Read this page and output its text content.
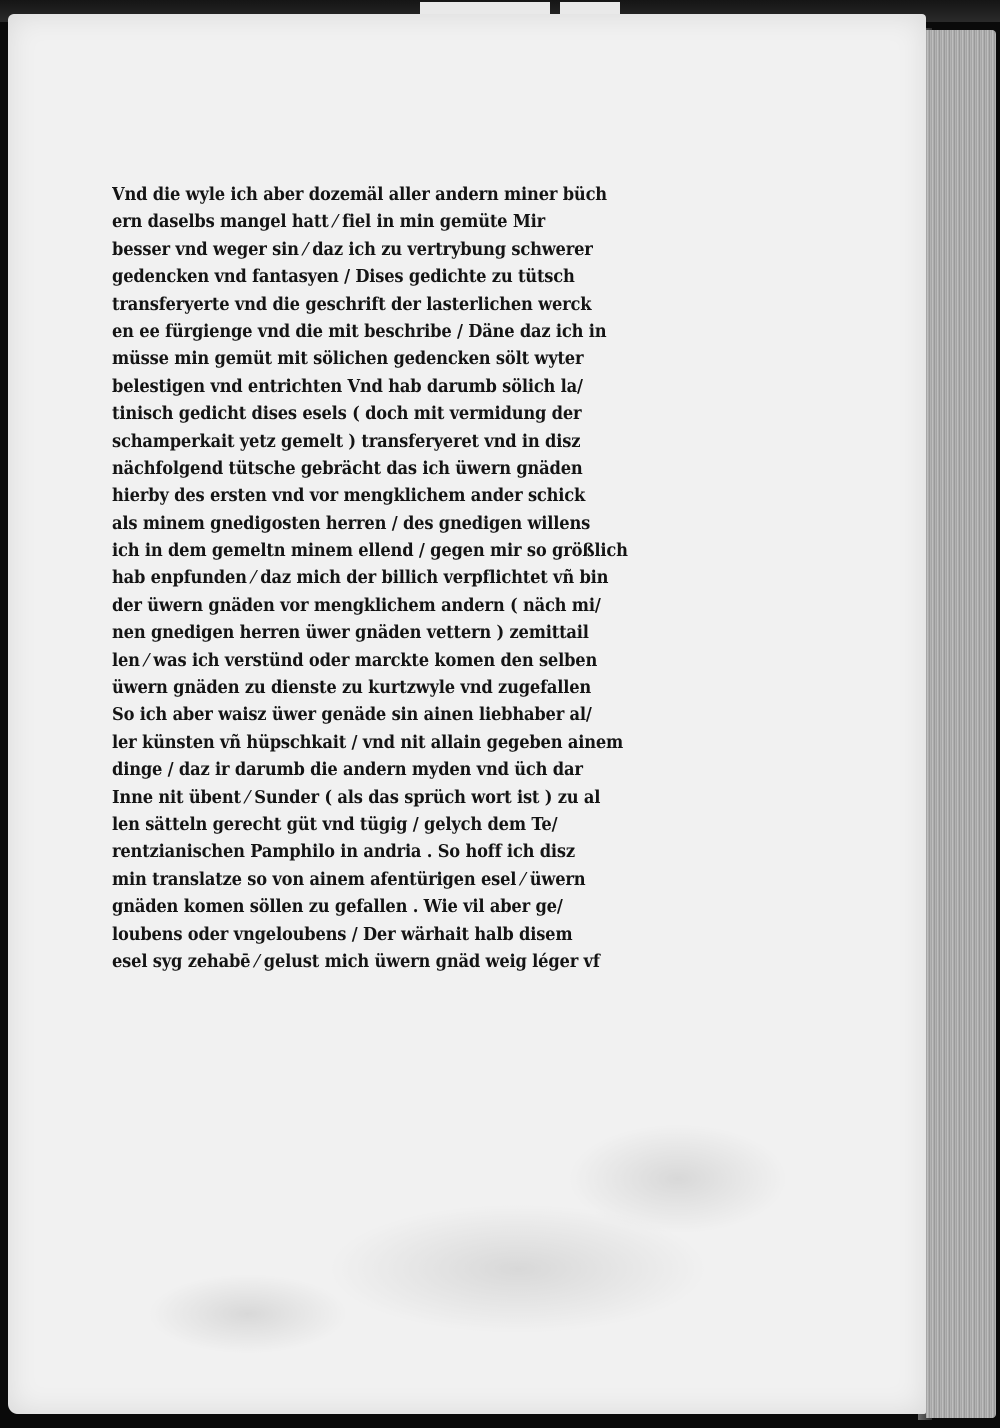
Vnd die wyle ich aber dozemäl aller andern miner büch
ern daselbs mangel hatt ⁄ fiel in min gemüte Mir
besser vnd weger sin ⁄ daz ich zu vertrybung schwerer
gedencken vnd fantasyen / Dises gedichte zu tütsch
transferyerte vnd die geschrift der lasterlichen werck
en ee fürgienge vnd die mit beschribe / Däne daz ich in
müsse min gemüt mit sölichen gedencken sölt wyter
belestigen vnd entrichten Vnd hab darumb sölich la/
tinisch gedicht dises esels ( doch mit vermidung der
schamperkait yetz gemelt ) transferyeret vnd in disz
nächfolgend tütsche gebrächt das ich üwern gnäden
hierby des ersten vnd vor mengklichem ander schick
als minem gnedigosten herren / des gnedigen willens
ich in dem gemeltn minem ellend / gegen mir so größlich
hab enpfunden ⁄ daz mich der billich verpflichtet vñ bin
der üwern gnäden vor mengklichem andern ( näch mi/
nen gnedigen herren üwer gnäden vettern ) zemittail
len ⁄ was ich verstünd oder marckte komen den selben
üwern gnäden zu dienste zu kurtzwyle vnd zugefallen
So ich aber waisz üwer genäde sin ainen liebhaber al/
ler künsten vñ hüpschkait / vnd nit allain gegeben ainem
dinge / daz ir darumb die andern myden vnd üch dar
Inne nit übent ⁄ Sunder ( als das sprüch wort ist ) zu al
len sätteln gerecht güt vnd tügig / gelych dem Te/
rentzianischen Pamphilo in andria . So hoff ich disz
min translatze so von ainem afentürigen esel ⁄ üwern
gnäden komen söllen zu gefallen . Wie vil aber ge/
loubens oder vngeloubens / Der wärhait halb disem
esel syg zehabē ⁄ gelust mich üwern gnäd weig léger vf
